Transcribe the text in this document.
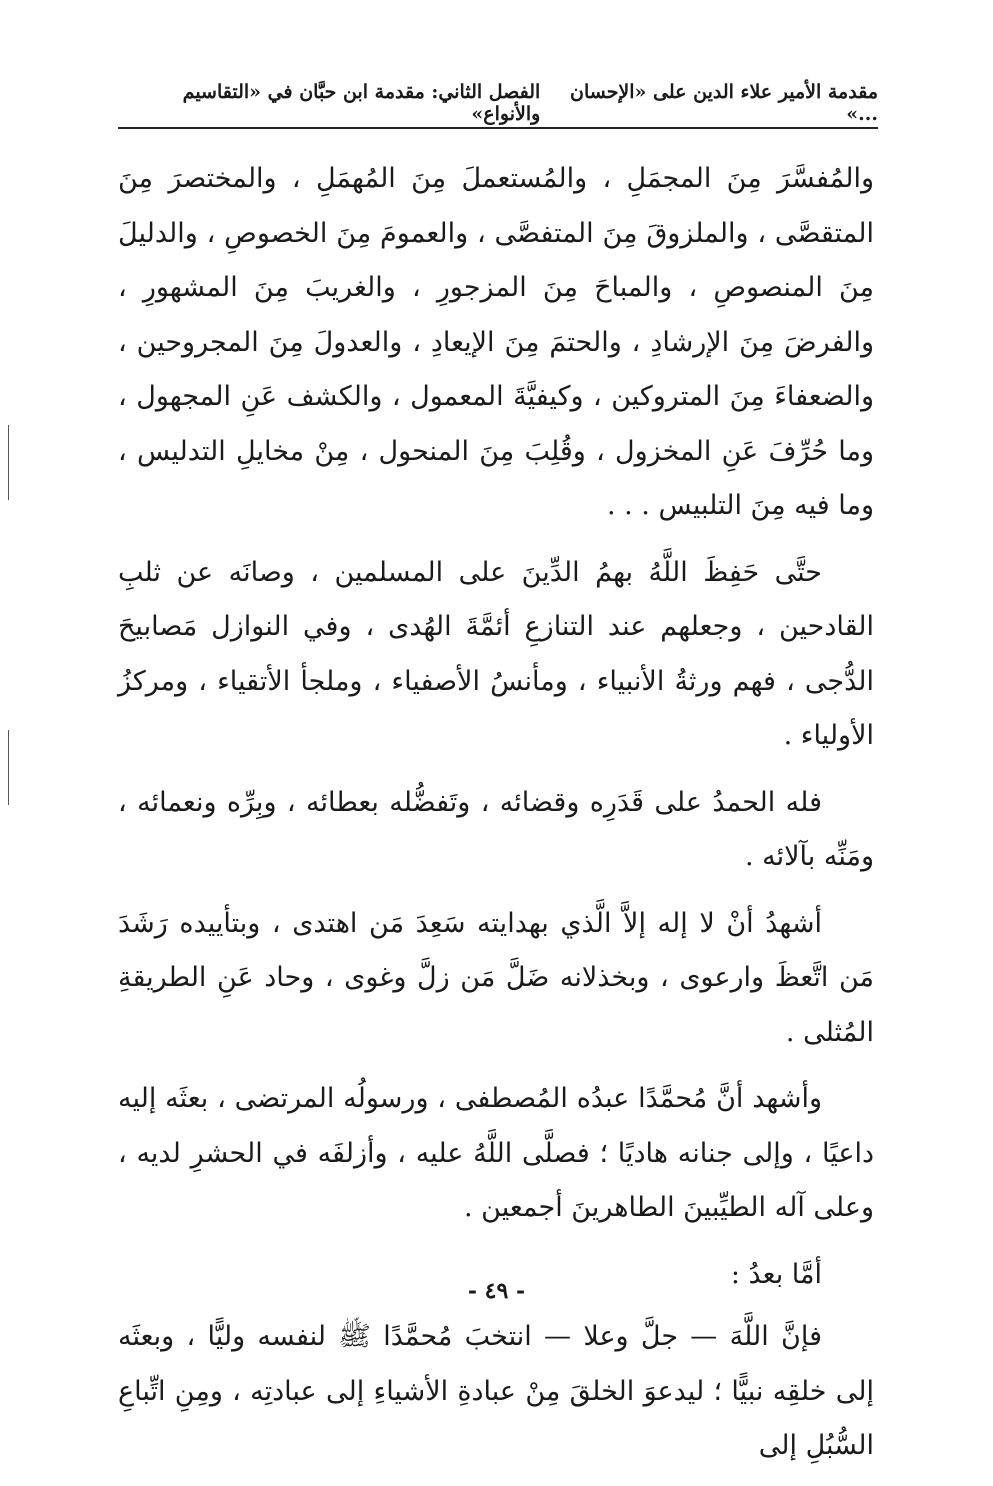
مقدمة الأمير علاء الدين على «الإحسان ...»
الفصل الثاني: مقدمة ابن حبَّان في «التقاسيم والأنواع»

والمُفسَّرَ مِنَ المجمَلِ ، والمُستعملَ مِنَ المُهمَلِ ، والمختصرَ مِنَ المتقصَّى ، والملزوقَ مِنَ المتفصَّى ، والعمومَ مِنَ الخصوصِ ، والدليلَ مِنَ المنصوصِ ، والمباحَ مِنَ المزجورِ ، والغريبَ مِنَ المشهورِ ، والفرضَ مِنَ الإرشادِ ، والحتمَ مِنَ الإيعادِ ، والعدولَ مِنَ المجروحين ، والضعفاءَ مِنَ المتروكين ، وكيفيَّةَ المعمول ، والكشف عَنِ المجهول ، وما حُرِّفَ عَنِ المخزول ، وقُلِبَ مِنَ المنحول ، مِنْ مخايلِ التدليس ، وما فيه مِنَ التلبيس . . .

حتَّى حَفِظَ اللَّهُ بهمُ الدِّينَ على المسلمين ، وصانَه عن ثلبِ القادحين ، وجعلهم عند التنازعِ أئمَّةَ الهُدى ، وفي النوازل مَصابيحَ الدُّجى ، فهم ورثةُ الأنبياء ، ومأنسُ الأصفياء ، وملجأ الأتقياء ، ومركزُ الأولياء .

فله الحمدُ على قَدَرِه وقضائه ، وتَفضُّله بعطائه ، وبِرِّه ونعمائه ، ومَنِّه بآلائه .

أشهدُ أنْ لا إله إلاَّ الَّذي بهدايته سَعِدَ مَن اهتدى ، وبتأييده رَشَدَ مَن اتَّعظَ وارعوى ، وبخذلانه ضَلَّ مَن زلَّ وغوى ، وحاد عَنِ الطريقةِ المُثلى .

وأشهد أنَّ مُحمَّدًا عبدُه المُصطفى ، ورسولُه المرتضى ، بعثَه إليه داعيًا ، وإلى جنانه هاديًا ؛ فصلَّى اللَّهُ عليه ، وأزلفَه في الحشرِ لديه ، وعلى آله الطيِّبينَ الطاهرينَ أجمعين .

أمَّا بعدُ :

فإنَّ اللَّهَ — جلَّ وعلا — انتخبَ مُحمَّدًا ﷺ لنفسه وليًّا ، وبعثَه إلى خلقِه نبيًّا ؛ ليدعوَ الخلقَ مِنْ عبادةِ الأشياءِ إلى عبادتِه ، ومِنِ اتِّباعِ السُّبُلِ إلى

- ٤٩ -
